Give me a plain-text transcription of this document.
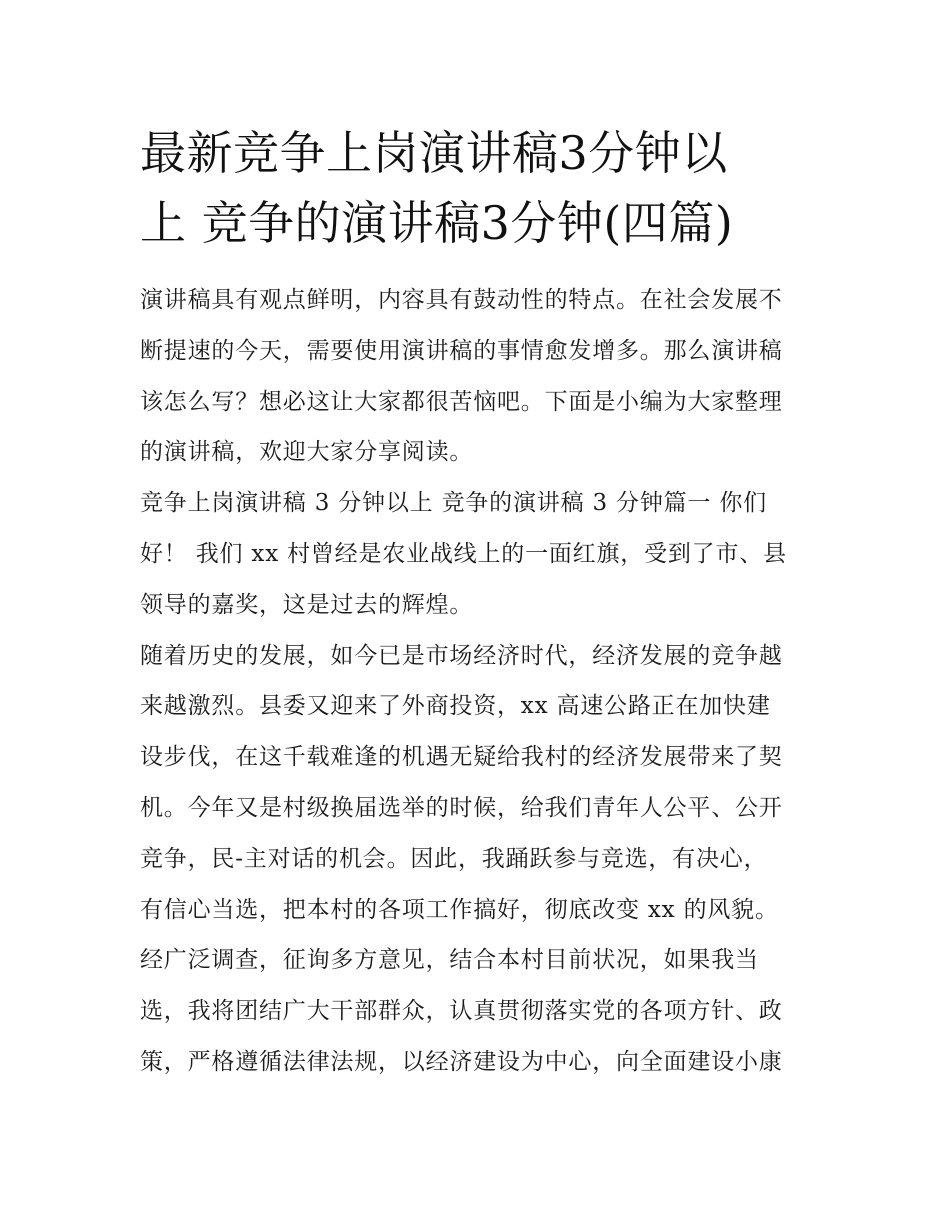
最新竞争上岗演讲稿3分钟以
上 竞争的演讲稿3分钟(四篇)
演讲稿具有观点鲜明，内容具有鼓动性的特点。在社会发展不
断提速的今天，需要使用演讲稿的事情愈发增多。那么演讲稿
该怎么写？想必这让大家都很苦恼吧。下面是小编为大家整理
的演讲稿，欢迎大家分享阅读。
竞争上岗演讲稿 3 分钟以上 竞争的演讲稿 3 分钟篇一 你们
好！ 我们 xx 村曾经是农业战线上的一面红旗，受到了市、县
领导的嘉奖，这是过去的辉煌。
随着历史的发展，如今已是市场经济时代，经济发展的竞争越
来越激烈。县委又迎来了外商投资，xx 高速公路正在加快建
设步伐，在这千载难逢的机遇无疑给我村的经济发展带来了契
机。今年又是村级换届选举的时候，给我们青年人公平、公开
竞争，民-主对话的机会。因此，我踊跃参与竞选，有决心，
有信心当选，把本村的各项工作搞好，彻底改变 xx 的风貌。
经广泛调查，征询多方意见，结合本村目前状况，如果我当
选，我将团结广大干部群众，认真贯彻落实党的各项方针、政
策，严格遵循法律法规，以经济建设为中心，向全面建设小康
